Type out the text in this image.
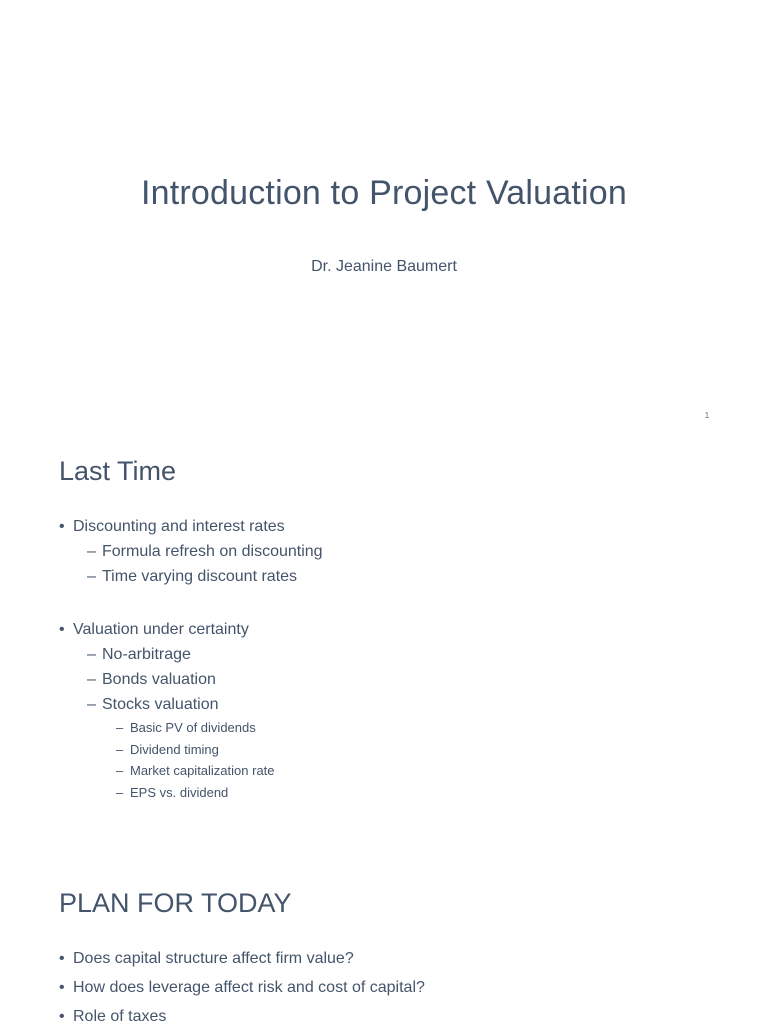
Introduction to Project Valuation
Dr. Jeanine Baumert
1
Last Time
• Discounting and interest rates
– Formula refresh on discounting
– Time varying discount rates
• Valuation under certainty
– No-arbitrage
– Bonds valuation
– Stocks valuation
– Basic PV of dividends
– Dividend timing
– Market capitalization rate
– EPS vs. dividend
PLAN FOR TODAY
• Does capital structure affect firm value?
• How does leverage affect risk and cost of capital?
• Role of taxes
